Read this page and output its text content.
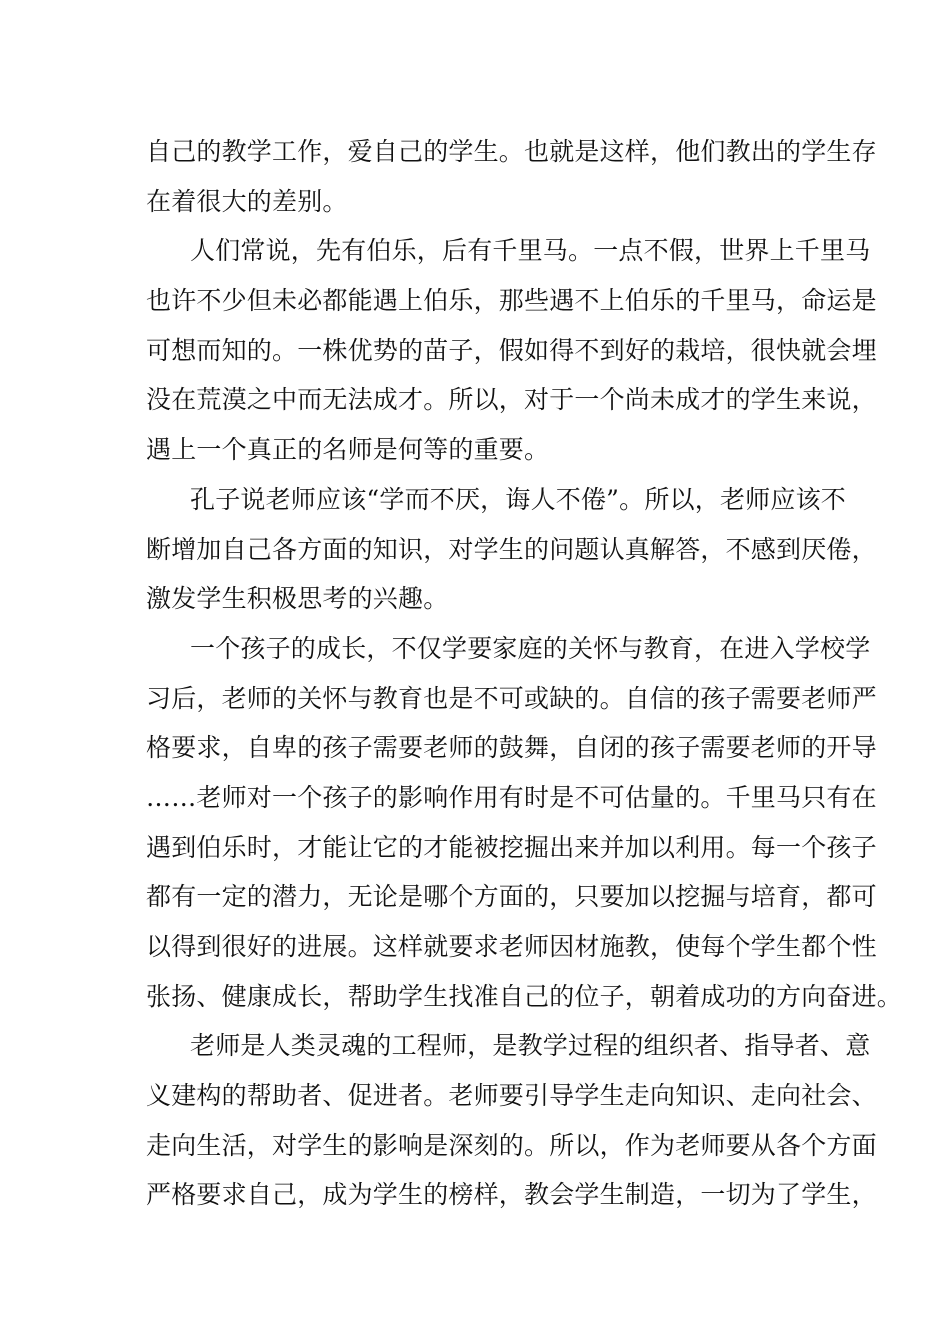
自己的教学工作，爱自己的学生。也就是这样，他们教出的学生存
在着很大的差别。
人们常说，先有伯乐，后有千里马。一点不假，世界上千里马
也许不少但未必都能遇上伯乐，那些遇不上伯乐的千里马，命运是
可想而知的。一株优势的苗子，假如得不到好的栽培，很快就会埋
没在荒漠之中而无法成才。所以，对于一个尚未成才的学生来说，
遇上一个真正的名师是何等的重要。
孔子说老师应该“学而不厌，诲人不倦”。所以，老师应该不
断增加自己各方面的知识，对学生的问题认真解答，不感到厌倦，
激发学生积极思考的兴趣。
一个孩子的成长，不仅学要家庭的关怀与教育，在进入学校学
习后，老师的关怀与教育也是不可或缺的。自信的孩子需要老师严
格要求，自卑的孩子需要老师的鼓舞，自闭的孩子需要老师的开导
……老师对一个孩子的影响作用有时是不可估量的。千里马只有在
遇到伯乐时，才能让它的才能被挖掘出来并加以利用。每一个孩子
都有一定的潜力，无论是哪个方面的，只要加以挖掘与培育，都可
以得到很好的进展。这样就要求老师因材施教，使每个学生都个性
张扬、健康成长，帮助学生找准自己的位子，朝着成功的方向奋进。
老师是人类灵魂的工程师，是教学过程的组织者、指导者、意
义建构的帮助者、促进者。老师要引导学生走向知识、走向社会、
走向生活，对学生的影响是深刻的。所以，作为老师要从各个方面
严格要求自己，成为学生的榜样，教会学生制造，一切为了学生，
